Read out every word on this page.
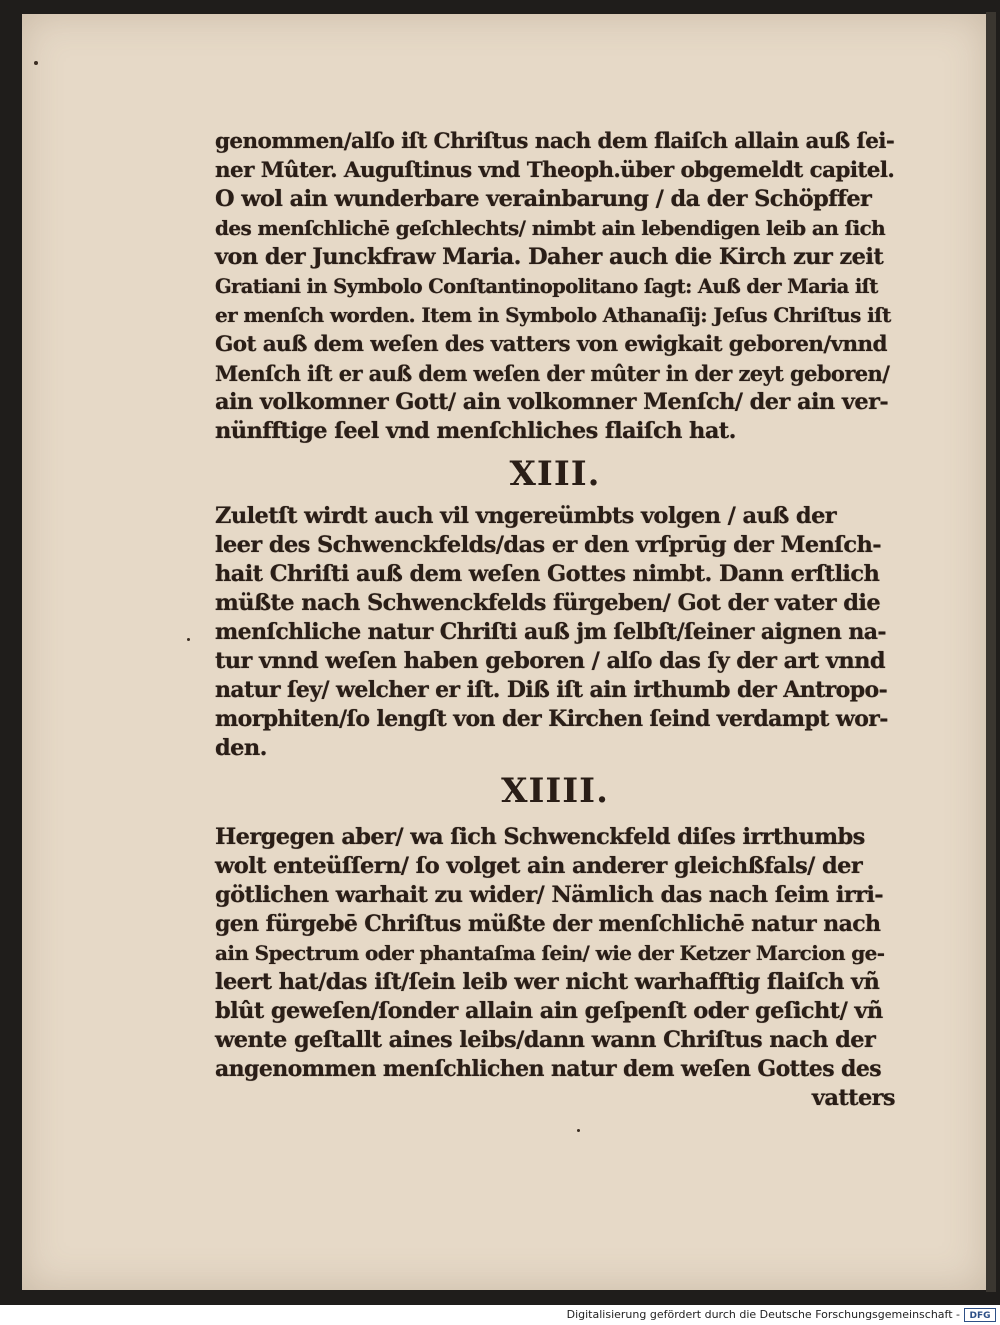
genommen/alſo iſt Chriſtus nach dem flaiſch allain auß ſei-
ner Mûter. Auguſtinus vnd Theoph.über obgemeldt capitel.
O wol ain wunderbare verainbarung / da der Schöpffer
des menſchlichē geſchlechts/ nimbt ain lebendigen leib an ſich
von der Junckfraw Maria. Daher auch die Kirch zur zeit
Gratiani in Symbolo Conſtantinopolitano ſagt: Auß der Maria iſt
er menſch worden. Item in Symbolo Athanaſij: Jeſus Chriſtus iſt
Got auß dem weſen des vatters von ewigkait geboren/vnnd
Menſch iſt er auß dem weſen der mûter in der zeyt geboren/
ain volkomner Gott/ ain volkomner Menſch/ der ain ver-
nünfftige ſeel vnd menſchliches flaiſch hat.
XIII.
Zuletſt wirdt auch vil vngereümbts volgen / auß der
leer des Schwenckfelds/das er den vrſprūg der Menſch-
hait Chriſti auß dem weſen Gottes nimbt. Dann erſtlich
müßte nach Schwenckfelds fürgeben/ Got der vater die
menſchliche natur Chriſti auß jm ſelbſt/ſeiner aignen na-
tur vnnd weſen haben geboren / alſo das ſy der art vnnd
natur ſey/ welcher er iſt. Diß iſt ain irthumb der Antropo-
morphiten/ſo lengſt von der Kirchen ſeind verdampt wor-
den.
XIIII.
Hergegen aber/ wa ſich Schwenckfeld diſes irrthumbs
wolt enteüſſern/ ſo volget ain anderer gleichßfals/ der
götlichen warhait zu wider/ Nämlich das nach ſeim irri-
gen fürgebē Chriſtus müßte der menſchlichē natur nach
ain Spectrum oder phantaſma ſein/ wie der Ketzer Marcion ge-
leert hat/das iſt/ſein leib wer nicht warhafftig flaiſch vñ
blût geweſen/ſonder allain ain geſpenſt oder geſicht/ vñ
wente geſtallt aines leibs/dann wann Chriſtus nach der
angenommen menſchlichen natur dem weſen Gottes des
vatters
Digitalisierung gefördert durch die Deutsche Forschungsgemeinschaft -	DFG
